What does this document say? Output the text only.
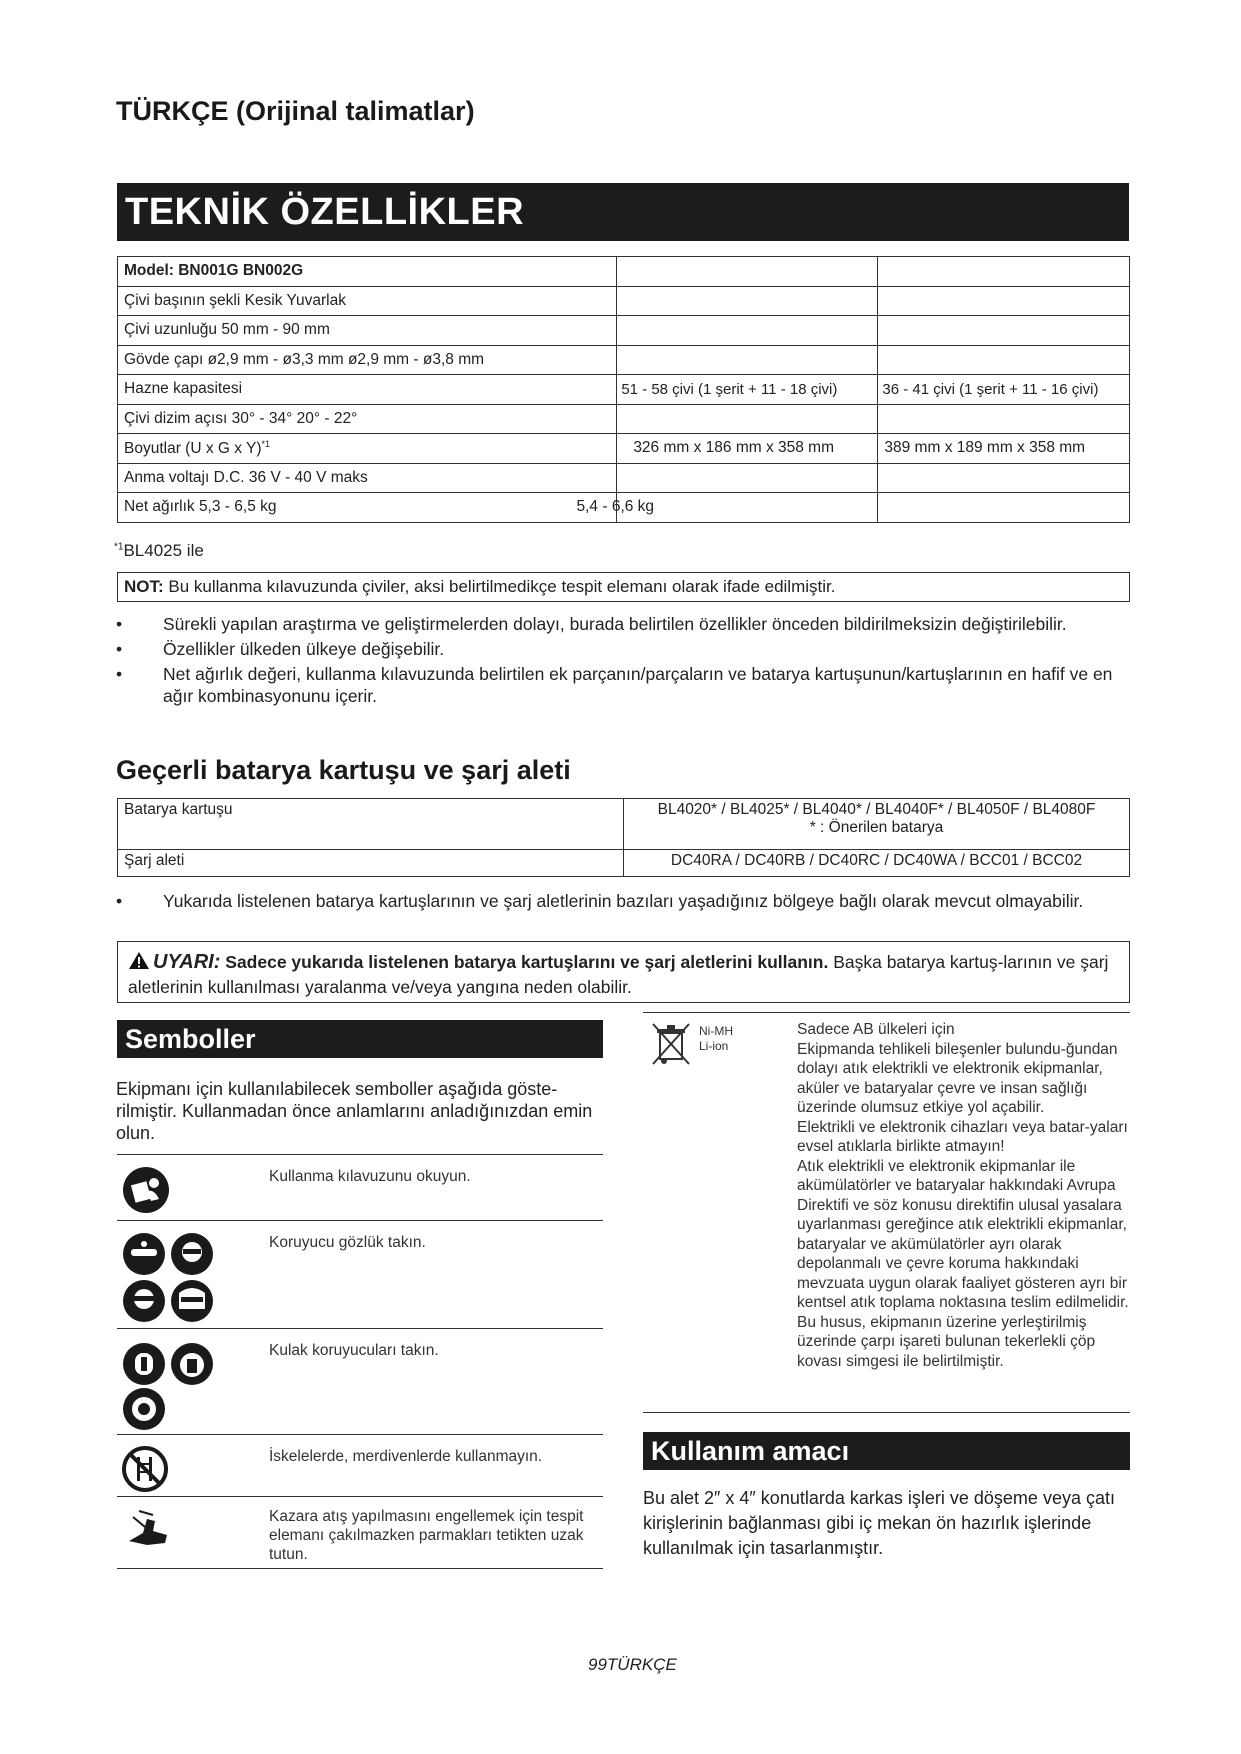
TÜRKÇE (Orijinal talimatlar)
TEKNİK ÖZELLİKLER
Model: BN001G BN002G		
Çivi başının şekli Kesik Yuvarlak		
Çivi uzunluğu 50 mm - 90 mm		
Gövde çapı ø2,9 mm - ø3,3 mm ø2,9 mm - ø3,8 mm		
Hazne kapasitesi	51 - 58 çivi (1 şerit + 11 - 18 çivi)	36 - 41 çivi (1 şerit + 11 - 16 çivi)
Çivi dizim açısı 30° - 34° 20° - 22°		
Boyutlar (U x G x Y)$^{*1}$	326 mm x 186 mm x 358 mm	389 mm x 189 mm x 358 mm
Anma voltajı D.C. 36 V - 40 V maks		
Net ağırlık 5,3 - 6,5 kg 5,4 - 6,6 kg		

$^{*1}$BL4025 ile
NOT: Bu kullanma kılavuzunda çiviler, aksi belirtilmedikçe tespit elemanı olarak ifade edilmiştir.
• Sürekli yapılan araştırma ve geliştirmelerden dolayı, burada belirtilen özellikler önceden bildirilmeksizin değiştirilebilir.
• Özellikler ülkeden ülkeye değişebilir.
• Net ağırlık değeri, kullanma kılavuzunda belirtilen ek parçanın/parçaların ve batarya kartuşunun/kartuşlarının en hafif ve en ağır kombinasyonunu içerir.
Geçerli batarya kartuşu ve şarj aleti
Batarya kartuşu	BL4020* / BL4025* / BL4040* / BL4040F* / BL4050F / BL4080F
* : Önerilen batarya

Şarj aleti	DC40RA / DC40RB / DC40RC / DC40WA / BCC01 / BCC02
• Yukarıda listelenen batarya kartuşlarının ve şarj aletlerinin bazıları yaşadığınız bölgeye bağlı olarak mevcut olmayabilir.
UYARI: Sadece yukarıda listelenen batarya kartuşlarını ve şarj aletlerini kullanın. Başka batarya kartuş-larının ve şarj aletlerinin kullanılması yaralanma ve/veya yangına neden olabilir.
Semboller
Ekipmanı için kullanılabilecek semboller aşağıda göste-rilmiştir. Kullanmadan önce anlamlarını anladığınızdan emin olun.
Kullanma kılavuzunu okuyun.
Koruyucu gözlük takın.
Kulak koruyucuları takın.
İskelelerde, merdivenlerde kullanmayın.
Kazara atış yapılmasını engellemek için tespit elemanı çakılmazken parmakları tetikten uzak tutun.
Ni-MH
Li-ion
Sadece AB ülkeleri için
Ekipmanda tehlikeli bileşenler bulundu-ğundan dolayı atık elektrikli ve elektronik ekipmanlar, aküler ve bataryalar çevre ve insan sağlığı üzerinde olumsuz etkiye yol açabilir.
Elektrikli ve elektronik cihazları veya batar-yaları evsel atıklarla birlikte atmayın!
Atık elektrikli ve elektronik ekipmanlar ile akümülatörler ve bataryalar hakkındaki Avrupa Direktifi ve söz konusu direktifin ulusal yasalara uyarlanması gereğince atık elektrikli ekipmanlar, bataryalar ve akümülatörler ayrı olarak depolanmalı ve çevre koruma hakkındaki mevzuata uygun olarak faaliyet gösteren ayrı bir kentsel atık toplama noktasına teslim edilmelidir.
Bu husus, ekipmanın üzerine yerleştirilmiş üzerinde çarpı işareti bulunan tekerlekli çöp kovası simgesi ile belirtilmiştir.
Kullanım amacı
Bu alet 2″ x 4″ konutlarda karkas işleri ve döşeme veya çatı kirişlerinin bağlanması gibi iç mekan ön hazırlık işlerinde kullanılmak için tasarlanmıştır.
99TÜRKÇE
